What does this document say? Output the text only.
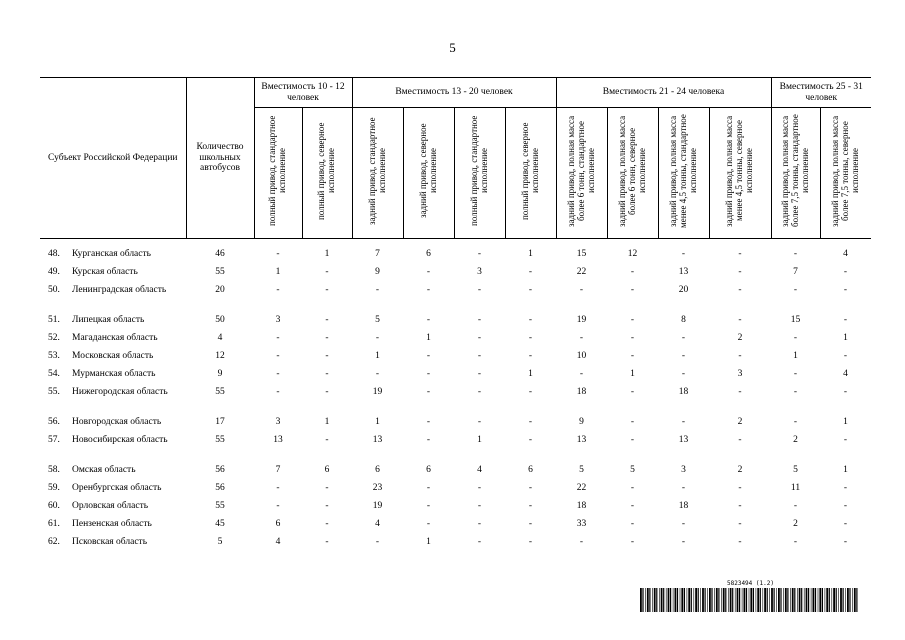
5
Субъект Российской Федерации		Количество школьных автобусов	Вместимость 10 - 12 человек		Вместимость 13 - 20 человек				Вместимость 21 - 24 человека				Вместимость 25 - 31 человек	
			полный привод, стандартное исполнение	полный привод, северное исполнение	задний привод, стандартное исполнение	задний привод, северное исполнение	полный привод, стандартное исполнение	полный привод, северное исполнение	задний привод, полная масса более 6 тонн, стандартное исполнение	задний привод, полная масса более 6 тонн, северное исполнение	задний привод, полная масса менее 4,5 тонны, стандартное исполнение	задний привод, полная масса менее 4,5 тонны, северное исполнение	задний привод, полная масса более 7,5 тонны, стандартное исполнение	задний привод, полная масса более 7,5 тонны, северное исполнение
48.	Курганская область	46	-	1	7	6	-	1	15	12	-	-	-	4
49.	Курская область	55	1	-	9	-	3	-	22	-	13	-	7	-
50.	Ленинградская область	20	-	-	-	-	-	-	-	-	20	-	-	-
51.	Липецкая область	50	3	-	5	-	-	-	19	-	8	-	15	-
52.	Магаданская область	4	-	-	-	1	-	-	-	-	-	2	-	1
53.	Московская область	12	-	-	1	-	-	-	10	-	-	-	1	-
54.	Мурманская область	9	-	-	-	-	-	1	-	1	-	3	-	4
55.	Нижегородская область	55	-	-	19	-	-	-	18	-	18	-	-	-
56.	Новгородская область	17	3	1	1	-	-	-	9	-	-	2	-	1
57.	Новосибирская область	55	13	-	13	-	1	-	13	-	13	-	2	-
58.	Омская область	56	7	6	6	6	4	6	5	5	3	2	5	1
59.	Оренбургская область	56	-	-	23	-	-	-	22	-	-	-	11	-
60.	Орловская область	55	-	-	19	-	-	-	18	-	18	-	-	-
61.	Пензенская область	45	6	-	4	-	-	-	33	-	-	-	2	-
62.	Псковская область	5	4	-	-	1	-	-	-	-	-	-	-	-
5823494 (1.2)
